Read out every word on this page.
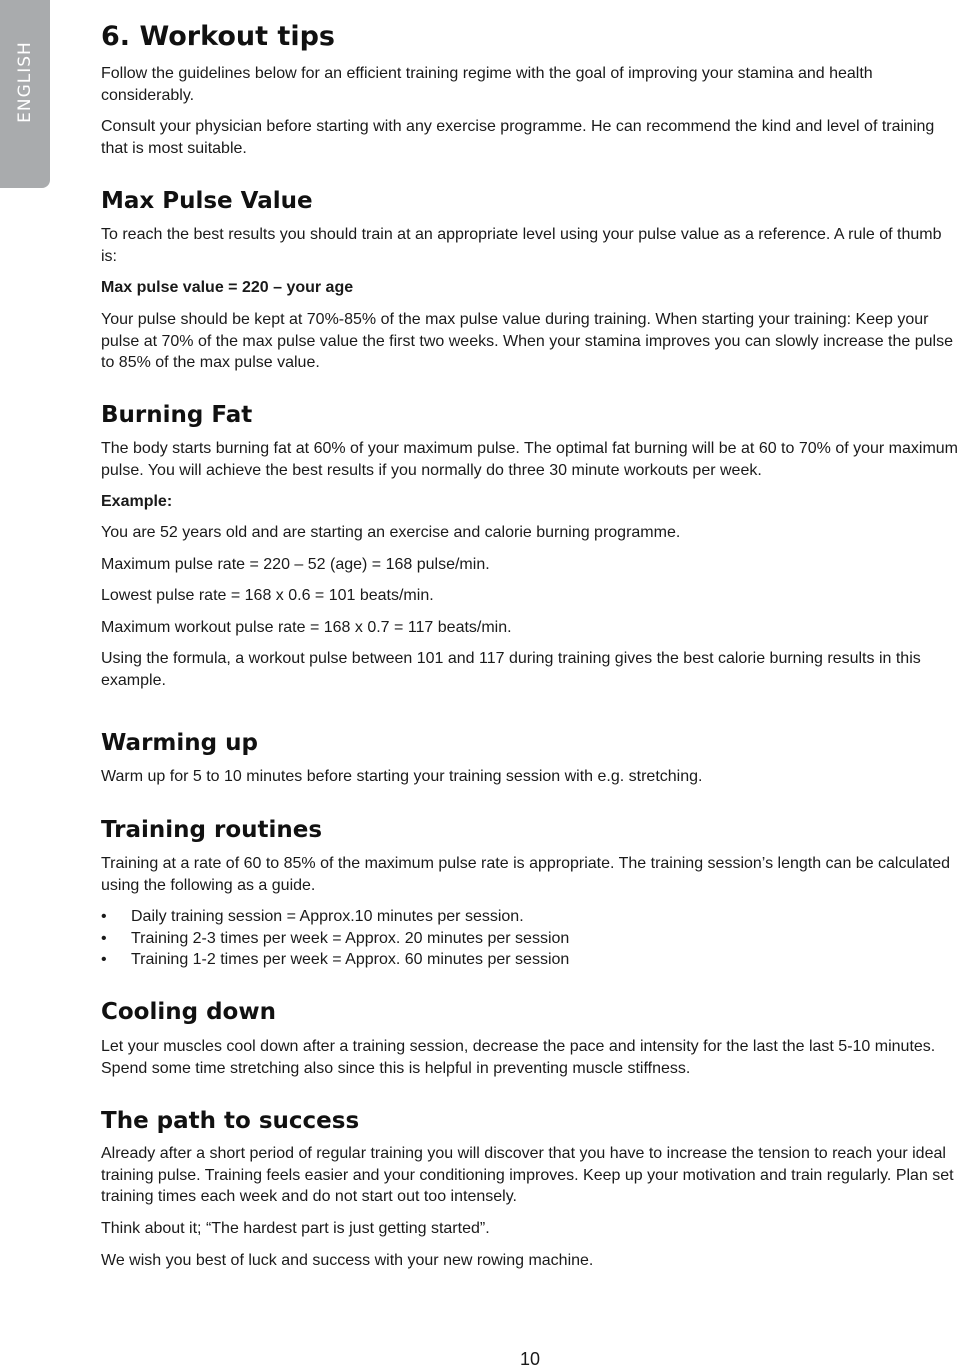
ENGLISH
6. Workout tips

Follow the guidelines below for an efficient training regime with the goal of improving your stamina and health considerably.

Consult your physician before starting with any exercise programme. He can recommend the kind and level of training that is most suitable.

Max Pulse Value

To reach the best results you should train at an appropriate level using your pulse value as a reference. A rule of thumb is:

Max pulse value = 220 – your age

Your pulse should be kept at 70%-85% of the max pulse value during training. When starting your training: Keep your pulse at 70% of the max pulse value the first two weeks. When your stamina improves you can slowly increase the pulse to 85% of the max pulse value.

Burning Fat

The body starts burning fat at 60% of your maximum pulse. The optimal fat burning will be at 60 to 70% of your maximum pulse. You will achieve the best results if you normally do three 30 minute workouts per week.

Example:

You are 52 years old and are starting an exercise and calorie burning programme.

Maximum pulse rate = 220 – 52 (age) = 168 pulse/min.

Lowest pulse rate = 168 x 0.6 = 101 beats/min.

Maximum workout pulse rate = 168 x 0.7 = 117 beats/min.

Using the formula, a workout pulse between 101 and 117 during training gives the best calorie burning results in this example.

Warming up

Warm up for 5 to 10 minutes before starting your training session with e.g. stretching.

Training routines

Training at a rate of 60 to 85% of the maximum pulse rate is appropriate. The training session’s length can be calculated using the following as a guide.

•	Daily training session = Approx.10 minutes per session.
•	Training 2-3 times per week = Approx. 20 minutes per session
•	Training 1-2 times per week = Approx. 60 minutes per session
Cooling down

Let your muscles cool down after a training session, decrease the pace and intensity for the last the last 5-10 minutes. Spend some time stretching also since this is helpful in preventing muscle stiffness.

The path to success

Already after a short period of regular training you will discover that you have to increase the tension to reach your ideal training pulse. Training feels easier and your conditioning improves. Keep up your motivation and train regularly. Plan set training times each week and do not start out too intensely.

Think about it; “The hardest part is just getting started”.

We wish you best of luck and success with your new rowing machine.

10
